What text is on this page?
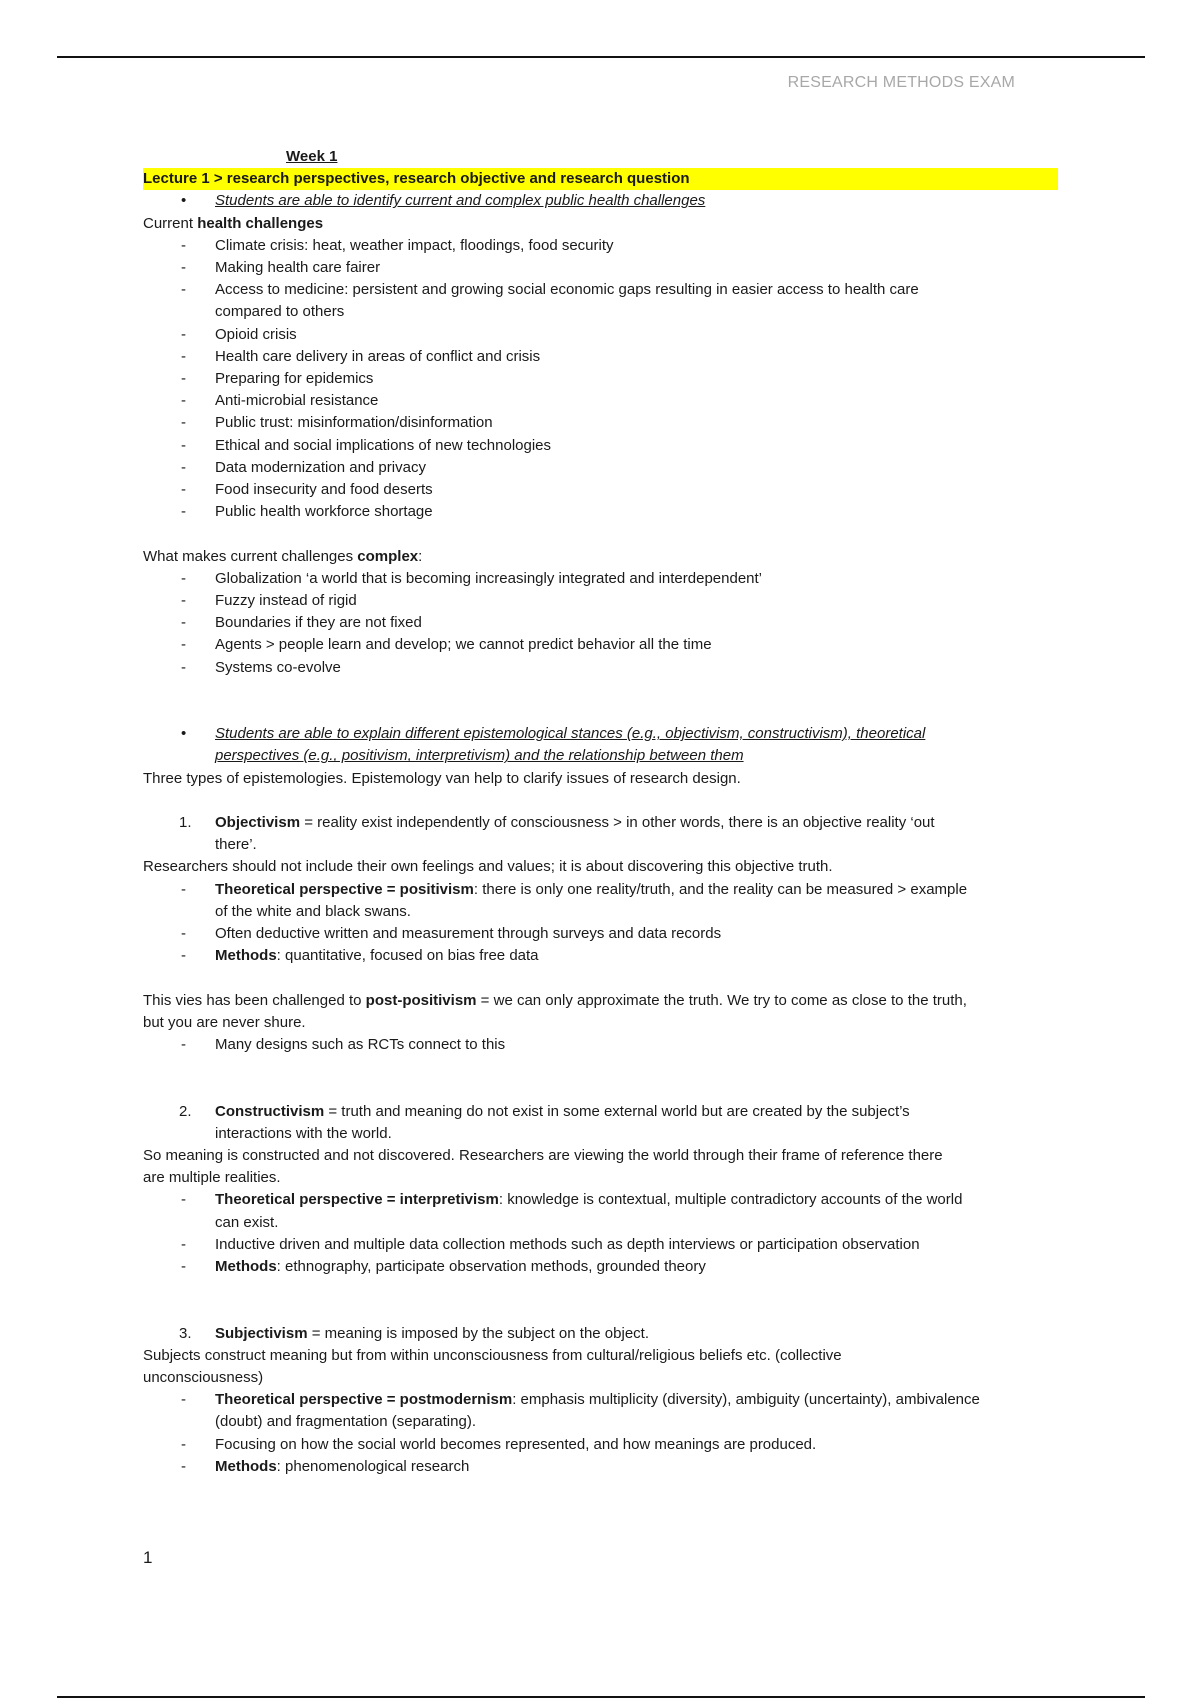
RESEARCH METHODS EXAM
Week 1
Lecture 1 > research perspectives, research objective and research question
• Students are able to identify current and complex public health challenges
Current health challenges
- Climate crisis: heat, weather impact, floodings, food security
- Making health care fairer
- Access to medicine: persistent and growing social economic gaps resulting in easier access to health care
compared to others
- Opioid crisis
- Health care delivery in areas of conflict and crisis
- Preparing for epidemics
- Anti-microbial resistance
- Public trust: misinformation/disinformation
- Ethical and social implications of new technologies
- Data modernization and privacy
- Food insecurity and food deserts
- Public health workforce shortage
What makes current challenges complex:
- Globalization ‘a world that is becoming increasingly integrated and interdependent’
- Fuzzy instead of rigid
- Boundaries if they are not fixed
- Agents > people learn and develop; we cannot predict behavior all the time
- Systems co-evolve
• Students are able to explain different epistemological stances (e.g., objectivism, constructivism), theoretical
perspectives (e.g., positivism, interpretivism) and the relationship between them
Three types of epistemologies. Epistemology van help to clarify issues of research design.
1. Objectivism = reality exist independently of consciousness > in other words, there is an objective reality ‘out
there’.
Researchers should not include their own feelings and values; it is about discovering this objective truth.
- Theoretical perspective = positivism: there is only one reality/truth, and the reality can be measured > example
of the white and black swans.
- Often deductive written and measurement through surveys and data records
- Methods: quantitative, focused on bias free data
This vies has been challenged to post-positivism = we can only approximate the truth. We try to come as close to the truth,
but you are never shure.
- Many designs such as RCTs connect to this
2. Constructivism = truth and meaning do not exist in some external world but are created by the subject’s
interactions with the world.
So meaning is constructed and not discovered. Researchers are viewing the world through their frame of reference there
are multiple realities.
- Theoretical perspective = interpretivism: knowledge is contextual, multiple contradictory accounts of the world
can exist.
- Inductive driven and multiple data collection methods such as depth interviews or participation observation
- Methods: ethnography, participate observation methods, grounded theory
3. Subjectivism = meaning is imposed by the subject on the object.
Subjects construct meaning but from within unconsciousness from cultural/religious beliefs etc. (collective
unconsciousness)
- Theoretical perspective = postmodernism: emphasis multiplicity (diversity), ambiguity (uncertainty), ambivalence
(doubt) and fragmentation (separating).
- Focusing on how the social world becomes represented, and how meanings are produced.
- Methods: phenomenological research
1
